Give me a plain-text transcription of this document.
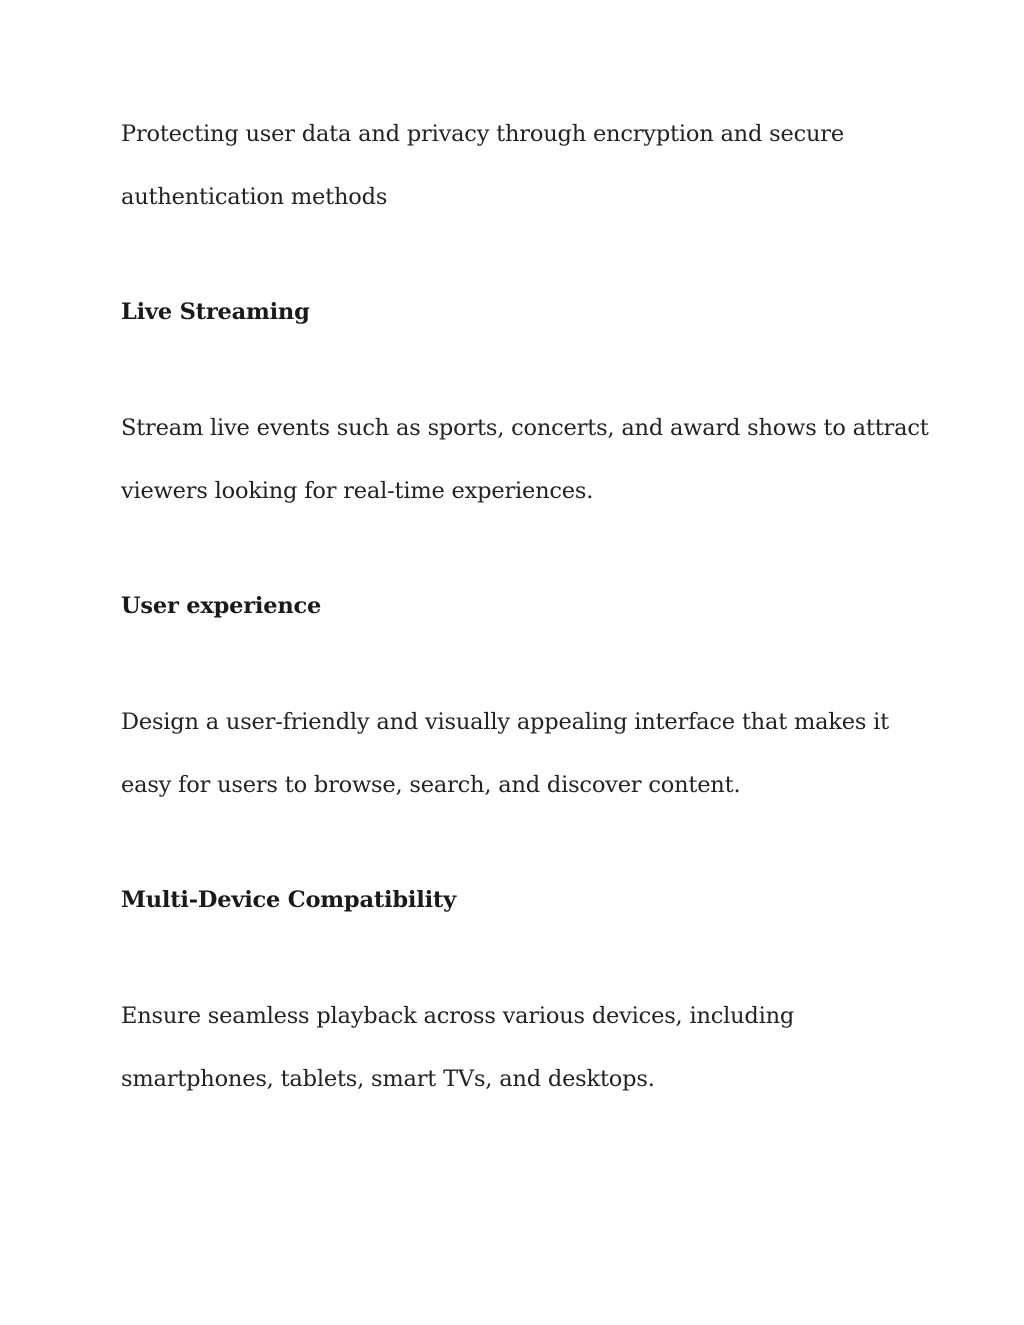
Protecting user data and privacy through encryption and secure

authentication methods

Live Streaming

Stream live events such as sports, concerts, and award shows to attract

viewers looking for real-time experiences.

User experience

Design a user-friendly and visually appealing interface that makes it

easy for users to browse, search, and discover content.

Multi-Device Compatibility

Ensure seamless playback across various devices, including

smartphones, tablets, smart TVs, and desktops.
